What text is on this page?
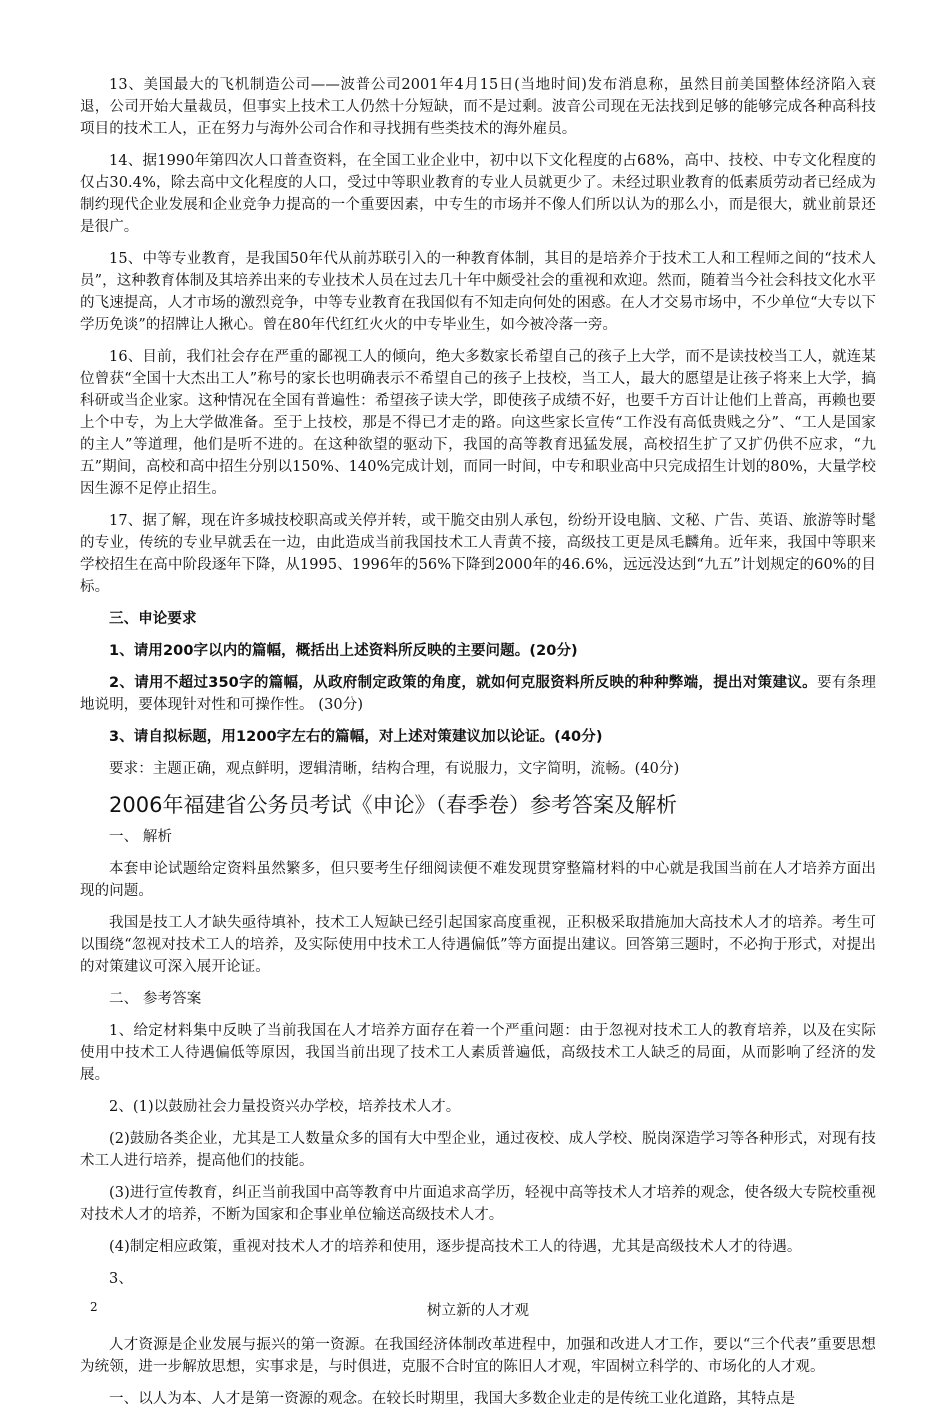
13、美国最大的飞机制造公司——波普公司2001年4月15日(当地时间)发布消息称，虽然目前美国整体经济陷入衰退，公司开始大量裁员，但事实上技术工人仍然十分短缺，而不是过剩。波音公司现在无法找到足够的能够完成各种高科技项目的技术工人，正在努力与海外公司合作和寻找拥有些类技术的海外雇员。

14、据1990年第四次人口普查资料，在全国工业企业中，初中以下文化程度的占68%，高中、技校、中专文化程度的仅占30.4%，除去高中文化程度的人口，受过中等职业教育的专业人员就更少了。未经过职业教育的低素质劳动者已经成为制约现代企业发展和企业竞争力提高的一个重要因素，中专生的市场并不像人们所以认为的那么小，而是很大，就业前景还是很广。

15、中等专业教育，是我国50年代从前苏联引入的一种教育体制，其目的是培养介于技术工人和工程师之间的“技术人员”，这种教育体制及其培养出来的专业技术人员在过去几十年中颇受社会的重视和欢迎。然而，随着当今社会科技文化水平的飞速提高，人才市场的激烈竞争，中等专业教育在我国似有不知走向何处的困惑。在人才交易市场中，不少单位“大专以下学历免谈”的招牌让人揪心。曾在80年代红红火火的中专毕业生，如今被冷落一旁。

16、目前，我们社会存在严重的鄙视工人的倾向，绝大多数家长希望自己的孩子上大学，而不是读技校当工人，就连某位曾获“全国十大杰出工人”称号的家长也明确表示不希望自己的孩子上技校，当工人，最大的愿望是让孩子将来上大学，搞科研或当企业家。这种情况在全国有普遍性：希望孩子读大学，即使孩子成绩不好，也要千方百计让他们上普高，再赖也要上个中专，为上大学做准备。至于上技校，那是不得已才走的路。向这些家长宣传“工作没有高低贵贱之分”、“工人是国家的主人”等道理，他们是听不进的。在这种欲望的驱动下，我国的高等教育迅猛发展，高校招生扩了又扩仍供不应求，“九五”期间，高校和高中招生分别以150%、140%完成计划，而同一时间，中专和职业高中只完成招生计划的80%，大量学校因生源不足停止招生。

17、据了解，现在许多城技校职高或关停并转，或干脆交由别人承包，纷纷开设电脑、文秘、广告、英语、旅游等时髦的专业，传统的专业早就丢在一边，由此造成当前我国技术工人青黄不接，高级技工更是凤毛麟角。近年来，我国中等职来学校招生在高中阶段逐年下降，从1995、1996年的56%下降到2000年的46.6%，远远没达到“九五”计划规定的60%的目标。

三、申论要求

1、请用200字以内的篇幅，概括出上述资料所反映的主要问题。(20分)

2、请用不超过350字的篇幅，从政府制定政策的角度，就如何克服资料所反映的种种弊端，提出对策建议。要有条理地说明，要体现针对性和可操作性。 (30分)

3、请自拟标题，用1200字左右的篇幅，对上述对策建议加以论证。(40分)

要求：主题正确，观点鲜明，逻辑清晰，结构合理，有说服力，文字简明，流畅。(40分)

2006年福建省公务员考试《申论》（春季卷）参考答案及解析

一、 解析

本套申论试题给定资料虽然繁多，但只要考生仔细阅读便不难发现贯穿整篇材料的中心就是我国当前在人才培养方面出现的问题。

我国是技工人才缺失亟待填补，技术工人短缺已经引起国家高度重视，正积极采取措施加大高技术人才的培养。考生可以围绕“忽视对技术工人的培养，及实际使用中技术工人待遇偏低”等方面提出建议。回答第三题时，不必拘于形式，对提出的对策建议可深入展开论证。

二、 参考答案

1、给定材料集中反映了当前我国在人才培养方面存在着一个严重问题：由于忽视对技术工人的教育培养，以及在实际使用中技术工人待遇偏低等原因，我国当前出现了技术工人素质普遍低，高级技术工人缺乏的局面，从而影响了经济的发展。

2、(1)以鼓励社会力量投资兴办学校，培养技术人才。

(2)鼓励各类企业，尤其是工人数量众多的国有大中型企业，通过夜校、成人学校、脱岗深造学习等各种形式，对现有技术工人进行培养，提高他们的技能。

(3)进行宣传教育，纠正当前我国中高等教育中片面追求高学历，轻视中高等技术人才培养的观念，使各级大专院校重视对技术人才的培养，不断为国家和企事业单位输送高级技术人才。

(4)制定相应政策，重视对技术人才的培养和使用，逐步提高技术工人的待遇，尤其是高级技术人才的待遇。

3、

树立新的人才观

人才资源是企业发展与振兴的第一资源。在我国经济体制改革进程中，加强和改进人才工作，要以“三个代表”重要思想为统领，进一步解放思想，实事求是，与时俱进，克服不合时宜的陈旧人才观，牢固树立科学的、市场化的人才观。

一、以人为本、人才是第一资源的观念。在较长时期里，我国大多数企业走的是传统工业化道路，其特点是

2
